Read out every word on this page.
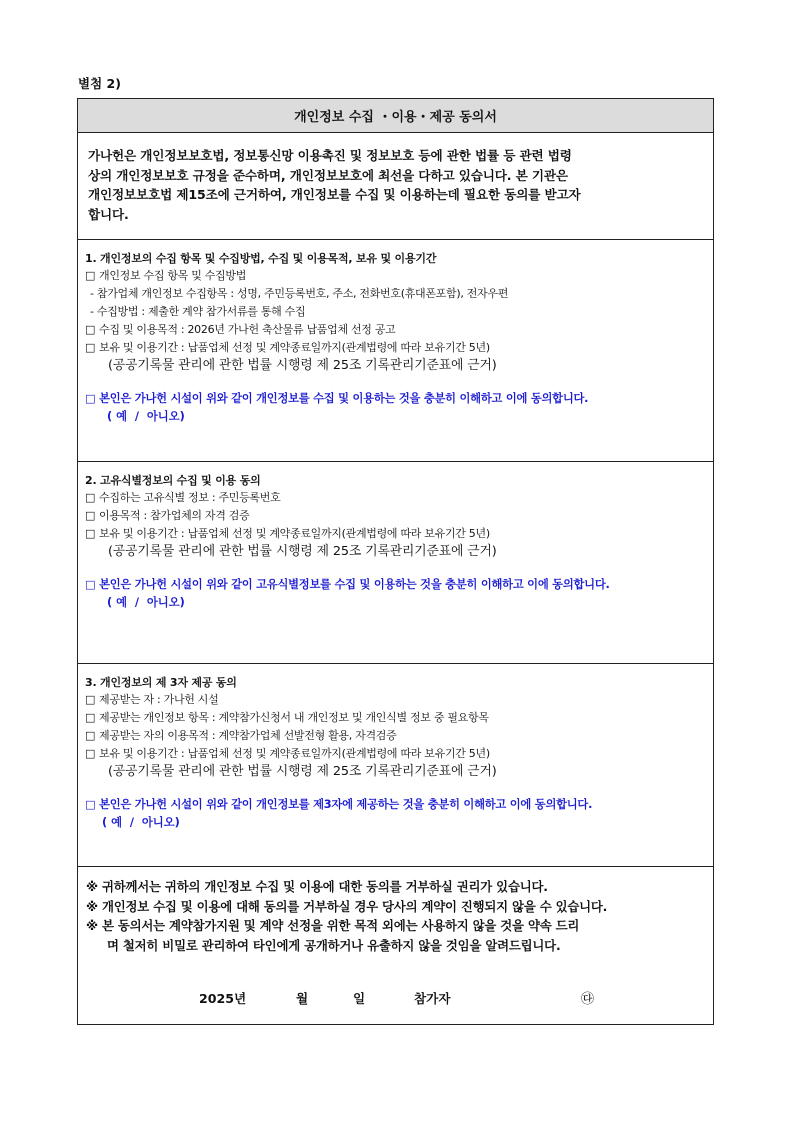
별첨 2)
개인정보 수집 ・이용・제공 동의서
가나헌은 개인정보보호법, 정보통신망 이용촉진 및 정보보호 등에 관한 법률 등 관련 법령
상의 개인정보보호 규정을 준수하며, 개인정보보호에 최선을 다하고 있습니다. 본 기관은
개인정보보호법 제15조에 근거하여, 개인정보를 수집 및 이용하는데 필요한 동의를 받고자
합니다.
1. 개인정보의 수집 항목 및 수집방법, 수집 및 이용목적, 보유 및 이용기간
□ 개인정보 수집 항목 및 수집방법
- 참가업체 개인정보 수집항목 : 성명, 주민등록번호, 주소, 전화번호(휴대폰포함), 전자우편
- 수집방법 : 제출한 계약 참가서류를 통해 수집
□ 수집 및 이용목적 : 2026년 가나헌 축산물류 납품업체 선정 공고
□ 보유 및 이용기간 : 납품업체 선정 및 계약종료일까지(관계법령에 따라 보유기간 5년)
(공공기록물 관리에 관한 법률 시행령 제 25조 기록관리기준표에 근거)
□ 본인은 가나헌 시설이 위와 같이 개인정보를 수집 및 이용하는 것을 충분히 이해하고 이에 동의합니다.
( 예  /  아니오)
2. 고유식별정보의 수집 및 이용 동의
□ 수집하는 고유식별 정보 : 주민등록번호
□ 이용목적 : 참가업체의 자격 검증
□ 보유 및 이용기간 : 납품업체 선정 및 계약종료일까지(관계법령에 따라 보유기간 5년)
(공공기록물 관리에 관한 법률 시행령 제 25조 기록관리기준표에 근거)
□ 본인은 가나헌 시설이 위와 같이 고유식별정보를 수집 및 이용하는 것을 충분히 이해하고 이에 동의합니다.
( 예  /  아니오)
3. 개인정보의 제 3자 제공 동의
□ 제공받는 자 : 가나헌 시설
□ 제공받는 개인정보 항목 : 계약참가신청서 내 개인정보 및 개인식별 정보 중 필요항목
□ 제공받는 자의 이용목적 : 계약참가업체 선발전형 활용, 자격검증
□ 보유 및 이용기간 : 납품업체 선정 및 계약종료일까지(관계법령에 따라 보유기간 5년)
(공공기록물 관리에 관한 법률 시행령 제 25조 기록관리기준표에 근거)
□ 본인은 가나헌 시설이 위와 같이 개인정보를 제3자에 제공하는 것을 충분히 이해하고 이에 동의합니다.
( 예  /  아니오)
※ 귀하께서는 귀하의 개인정보 수집 및 이용에 대한 동의를 거부하실 권리가 있습니다.
※ 개인정보 수집 및 이용에 대해 동의를 거부하실 경우 당사의 계약이 진행되지 않을 수 있습니다.
※ 본 동의서는 계약참가지원 및 계약 선정을 위한 목적 외에는 사용하지 않을 것을 약속 드리
며 철저히 비밀로 관리하여 타인에게 공개하거나 유출하지 않을 것임을 알려드립니다.
2025년	월	일	참가자	㉰
